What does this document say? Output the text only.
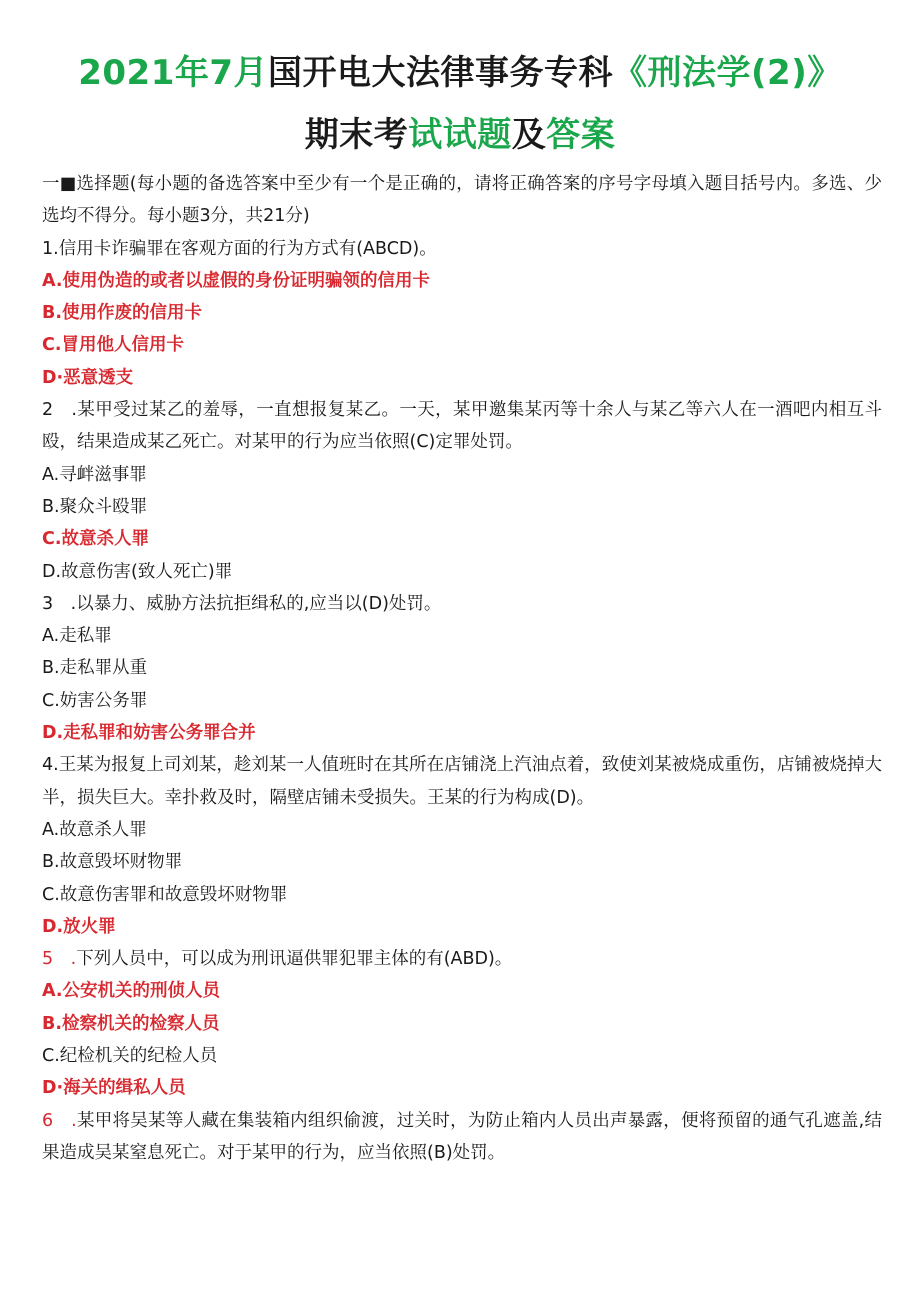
2021年7月国开电大法律事务专科《刑法学(2)》
期末考试试题及答案
一■选择题(每小题的备选答案中至少有一个是正确的，请将正确答案的序号字母填入题目括号内。多选、少选均不得分。每小题3分，共21分)
1.信用卡诈骗罪在客观方面的行为方式有(ABCD)。
A.使用伪造的或者以虚假的身份证明骗领的信用卡
B.使用作废的信用卡
C.冒用他人信用卡
D·恶意透支
2　.某甲受过某乙的羞辱，一直想报复某乙。一天，某甲邀集某丙等十余人与某乙等六人在一酒吧内相互斗殴，结果造成某乙死亡。对某甲的行为应当依照(C)定罪处罚。
A.寻衅滋事罪
B.聚众斗殴罪
C.故意杀人罪
D.故意伤害(致人死亡)罪
3　.以暴力、威胁方法抗拒缉私的,应当以(D)处罚。
A.走私罪
B.走私罪从重
C.妨害公务罪
D.走私罪和妨害公务罪合并
4.王某为报复上司刘某，趁刘某一人值班时在其所在店铺浇上汽油点着，致使刘某被烧成重伤，店铺被烧掉大半，损失巨大。幸扑救及时，隔壁店铺未受损失。王某的行为构成(D)。
A.故意杀人罪
B.故意毁坏财物罪
C.故意伤害罪和故意毁坏财物罪
D.放火罪
5　.下列人员中，可以成为刑讯逼供罪犯罪主体的有(ABD)。
A.公安机关的刑侦人员
B.检察机关的检察人员
C.纪检机关的纪检人员
D·海关的缉私人员
6　.某甲将吴某等人藏在集装箱内组织偷渡，过关时，为防止箱内人员出声暴露，便将预留的通气孔遮盖,结果造成吴某窒息死亡。对于某甲的行为，应当依照(B)处罚。
